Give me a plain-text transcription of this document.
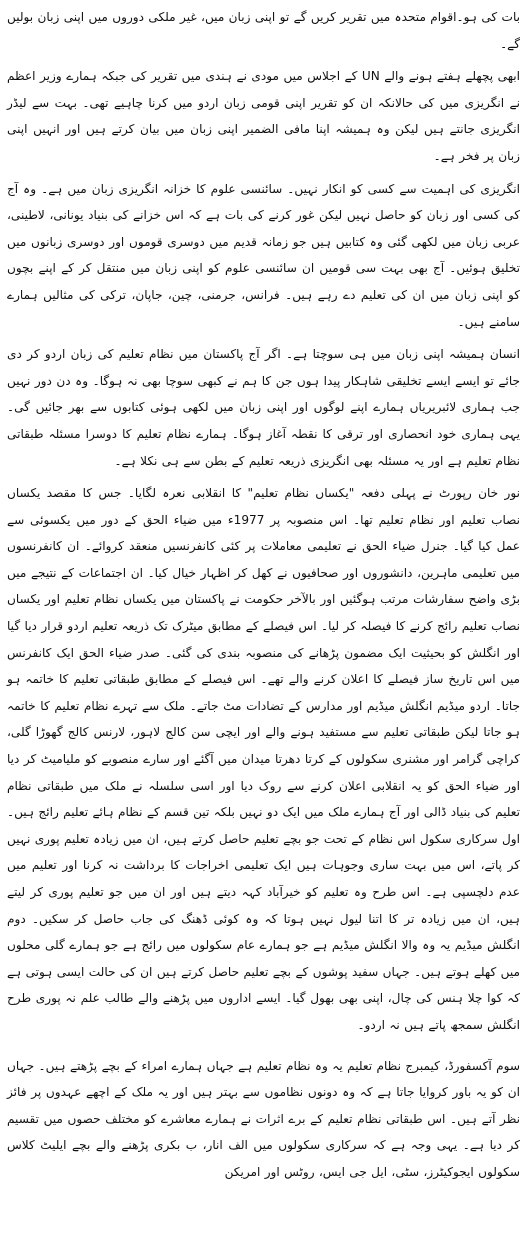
بات کی ہو۔اقوام متحدہ میں تقریر کریں گے تو اپنی زبان میں، غیر ملکی دوروں میں اپنی زبان بولیں گے۔

ابھی پچھلے ہفتے ہونے والے UN کے اجلاس میں مودی نے ہندی میں تقریر کی جبکہ ہمارے وزیر اعظم نے انگریزی میں کی حالانکہ ان کو تقریر اپنی قومی زبان اردو میں کرنا چاہیے تھی۔ بہت سے لیڈر انگریزی جانتے ہیں لیکن وہ ہمیشہ اپنا مافی الضمیر اپنی زبان میں بیان کرتے ہیں اور انہیں اپنی زبان پر فخر ہے۔

انگریزی کی اہمیت سے کسی کو انکار نہیں۔ سائنسی علوم کا خزانہ انگریزی زبان میں ہے۔ وہ آج کی کسی اور زبان کو حاصل نہیں لیکن غور کرنے کی بات ہے کہ اس خزانے کی بنیاد یونانی، لاطینی، عربی زبان میں لکھی گئی وہ کتابیں ہیں جو زمانہ قدیم میں دوسری قوموں اور دوسری زبانوں میں تخلیق ہوئیں۔ آج بھی بہت سی قومیں ان سائنسی علوم کو اپنی زبان میں منتقل کر کے اپنے بچوں کو اپنی زبان میں ان کی تعلیم دے رہے ہیں۔ فرانس، جرمنی، چین، جاپان، ترکی کی مثالیں ہمارے سامنے ہیں۔

انسان ہمیشہ اپنی زبان میں ہی سوچتا ہے۔ اگر آج پاکستان میں نظام تعلیم کی زبان اردو کر دی جائے تو ایسے ایسے تخلیقی شاہکار پیدا ہوں جن کا ہم نے کبھی سوچا بھی نہ ہوگا۔ وہ دن دور نہیں جب ہماری لائبریریاں ہمارے اپنے لوگوں اور اپنی زبان میں لکھی ہوئی کتابوں سے بھر جائیں گی۔ یہی ہماری خود انحصاری اور ترقی کا نقطہ آغاز ہوگا۔ ہمارے نظام تعلیم کا دوسرا مسئلہ طبقاتی نظام تعلیم ہے اور یہ مسئلہ بھی انگریزی ذریعہ تعلیم کے بطن سے ہی نکلا ہے۔

نور خان رپورٹ نے پہلی دفعہ "یکساں نظام تعلیم" کا انقلابی نعرہ لگایا۔ جس کا مقصد یکساں نصاب تعلیم اور نظام تعلیم تھا۔ اس منصوبہ پر 1977ء میں ضیاء الحق کے دور میں یکسوئی سے عمل کیا گیا۔ جنرل ضیاء الحق نے تعلیمی معاملات پر کئی کانفرنسیں منعقد کروائے۔ ان کانفرنسوں میں تعلیمی ماہرین، دانشوروں اور صحافیوں نے کھل کر اظہار خیال کیا۔ ان اجتماعات کے نتیجے میں بڑی واضح سفارشات مرتب ہوگئیں اور بالآخر حکومت نے پاکستان میں یکساں نظام تعلیم اور یکساں نصاب تعلیم رائج کرنے کا فیصلہ کر لیا۔ اس فیصلے کے مطابق میٹرک تک ذریعہ تعلیم اردو قرار دیا گیا اور انگلش کو بحیثیت ایک مضمون پڑھانے کی منصوبہ بندی کی گئی۔ صدر ضیاء الحق ایک کانفرنس میں اس تاریخ ساز فیصلے کا اعلان کرنے والے تھے۔ اس فیصلے کے مطابق طبقاتی تعلیم کا خاتمہ ہو جاتا۔ اردو میڈیم انگلش میڈیم اور مدارس کے تضادات مٹ جاتے۔ ملک سے تہرے نظام تعلیم کا خاتمہ ہو جاتا لیکن طبقاتی تعلیم سے مستفید ہونے والے اور ایچی سن کالج لاہور، لارنس کالج گھوڑا گلی، کراچی گرامر اور مشنری سکولوں کے کرتا دھرتا میدان میں آگئے اور سارے منصوبے کو ملیامیٹ کر دیا اور ضیاء الحق کو یہ انقلابی اعلان کرنے سے روک دیا اور اسی سلسلہ نے ملک میں طبقاتی نظام تعلیم کی بنیاد ڈالی اور آج ہمارے ملک میں ایک دو نہیں بلکہ تین قسم کے نظام ہائے تعلیم رائج ہیں۔ اول سرکاری سکول اس نظام کے تحت جو بچے تعلیم حاصل کرتے ہیں، ان میں زیادہ تعلیم پوری نہیں کر پاتے، اس میں بہت ساری وجوہات ہیں ایک تعلیمی اخراجات کا برداشت نہ کرنا اور تعلیم میں عدم دلچسپی ہے۔ اس طرح وہ تعلیم کو خیرآباد کہہ دیتے ہیں اور ان میں جو تعلیم پوری کر لیتے ہیں، ان میں زیادہ تر کا اتنا لیول نہیں ہوتا کہ وہ کوئی ڈھنگ کی جاب حاصل کر سکیں۔ دوم انگلش میڈیم یہ وہ والا انگلش میڈیم ہے جو ہمارے عام سکولوں میں رائج ہے جو ہمارے گلی محلوں میں کھلے ہوتے ہیں۔ جہاں سفید پوشوں کے بچے تعلیم حاصل کرتے ہیں ان کی حالت ایسی ہوتی ہے کہ کوا چلا ہنس کی چال، اپنی بھی بھول گیا۔ ایسے اداروں میں پڑھنے والے طالب علم نہ پوری طرح انگلش سمجھ پاتے ہیں نہ اردو۔

سوم آکسفورڈ، کیمبرج نظام تعلیم یہ وہ نظام تعلیم ہے جہاں ہمارے امراء کے بچے پڑھتے ہیں۔ جہاں ان کو یہ باور کروایا جاتا ہے کہ وہ دونوں نظاموں سے بہتر ہیں اور یہ ملک کے اچھے عہدوں پر فائز نظر آتے ہیں۔ اس طبقاتی نظام تعلیم کے برے اثرات نے ہمارے معاشرے کو مختلف حصوں میں تقسیم کر دیا ہے۔ یہی وجہ ہے کہ سرکاری سکولوں میں الف انار، ب بکری پڑھنے والے بچے ایلیٹ کلاس سکولوں ایجوکیٹرز، سٹی، ایل جی ایس، روٹس اور امریکن
